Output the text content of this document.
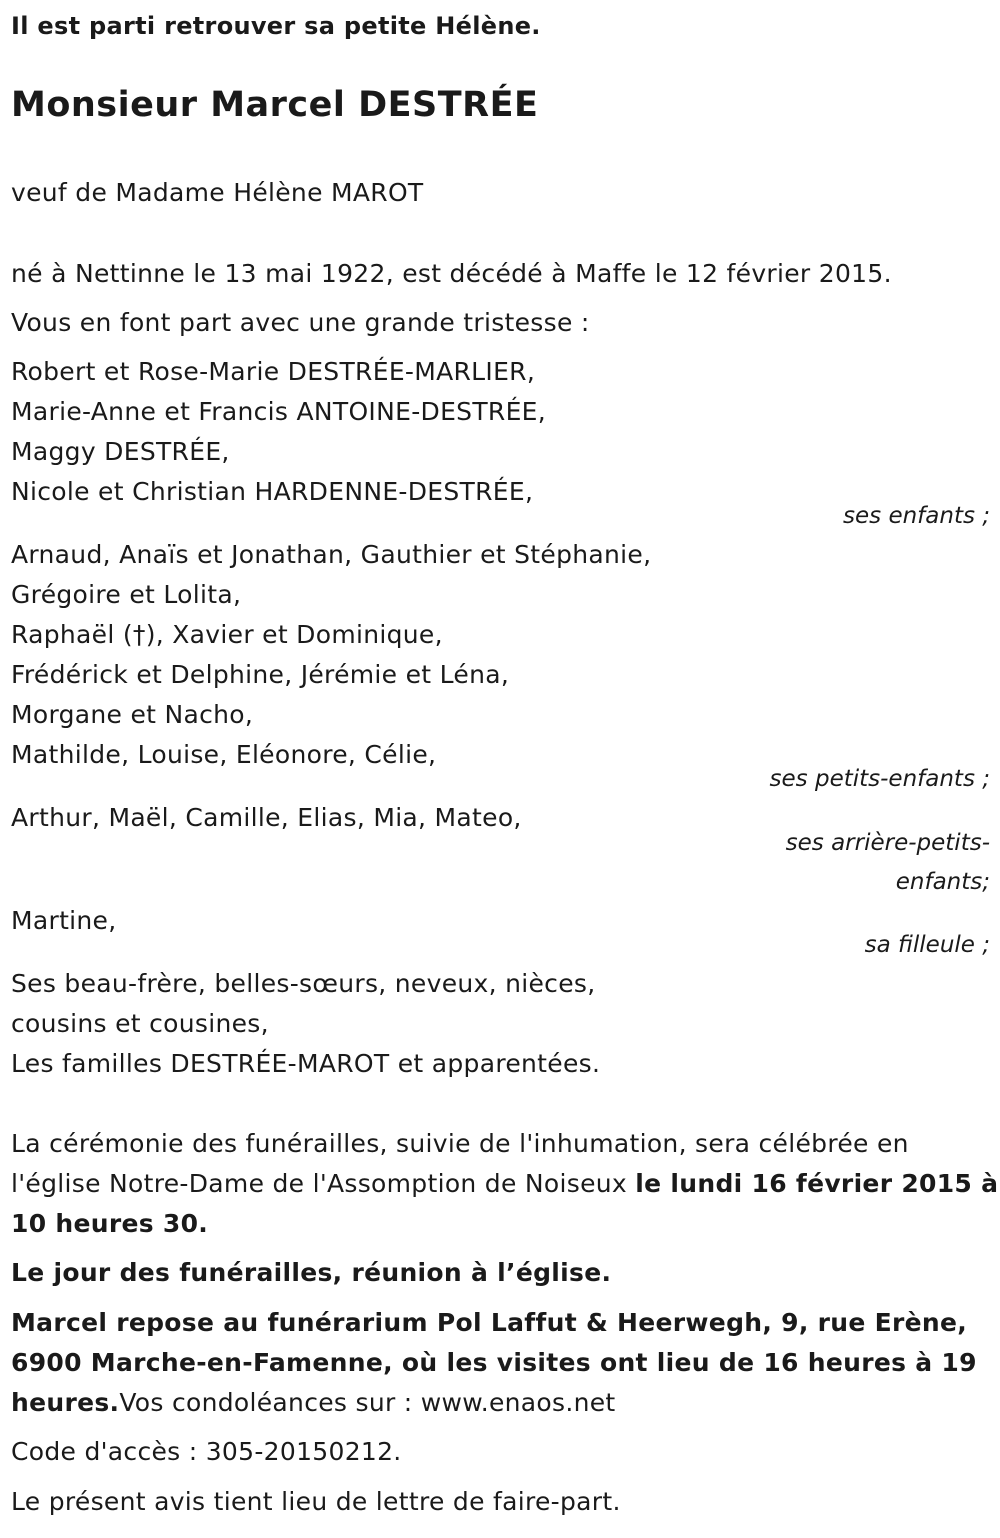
Il est parti retrouver sa petite Hélène.

Monsieur Marcel DESTRÉE

veuf de Madame Hélène MAROT

né à Nettinne le 13 mai 1922, est décédé à Maffe le 12 février 2015.

Vous en font part avec une grande tristesse :

Robert et Rose-Marie DESTRÉE-MARLIER,

Marie-Anne et Francis ANTOINE-DESTRÉE,

Maggy DESTRÉE,

Nicole et Christian HARDENNE-DESTRÉE,

ses enfants ;

Arnaud, Anaïs et Jonathan, Gauthier et Stéphanie,

Grégoire et Lolita,

Raphaël (†), Xavier et Dominique,

Frédérick et Delphine, Jérémie et Léna,

Morgane et Nacho,

Mathilde, Louise, Eléonore, Célie,

ses petits-enfants ;

Arthur, Maël, Camille, Elias, Mia, Mateo,

ses arrière-petits-

enfants;

Martine,

sa filleule ;

Ses beau-frère, belles-sœurs, neveux, nièces,

cousins et cousines,

Les familles DESTRÉE-MAROT et apparentées.

La cérémonie des funérailles, suivie de l'inhumation, sera célébrée en

l'église Notre-Dame de l'Assomption de Noiseux le lundi 16 février 2015 à

10 heures 30.

Le jour des funérailles, réunion à l’église.

Marcel repose au funérarium Pol Laffut & Heerwegh, 9, rue Erène,

6900 Marche-en-Famenne, où les visites ont lieu de 16 heures à 19

heures.Vos condoléances sur : www.enaos.net

Code d'accès : 305-20150212.

Le présent avis tient lieu de lettre de faire-part.
